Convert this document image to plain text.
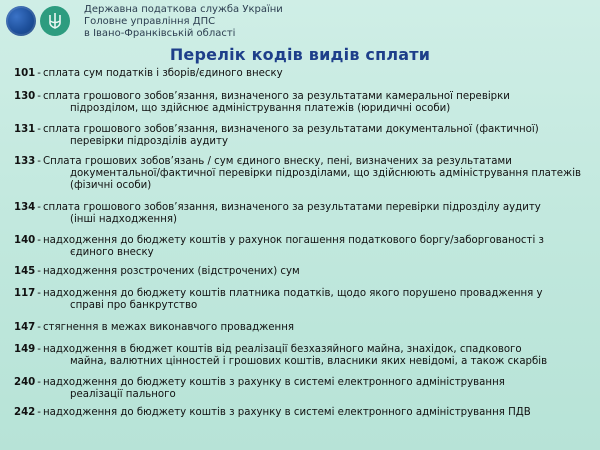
Державна податкова служба України
Головне управління ДПС
в Івано-Франківській області
Перелік кодів видів сплати
101 - сплата сум податків і зборів/єдиного внеску
130 - сплата грошового зобов’язання, визначеного за результатами камеральної перевірки
підрозділом, що здійснює адміністрування платежів (юридичні особи)
131 - сплата грошового зобов’язання, визначеного за результатами документальної (фактичної)
перевірки підрозділів аудиту
133 - Сплата грошових зобов’язань / сум єдиного внеску, пені, визначених за результатами
документальної/фактичної перевірки підрозділами, що здійснюють адміністрування платежів
(фізичні особи)
134 - сплата грошового зобов’язання, визначеного за результатами перевірки підрозділу аудиту
(інші надходження)
140 - надходження до бюджету коштів у рахунок погашення податкового боргу/заборгованості з
єдиного внеску
145 - надходження розстрочених (відстрочених) сум
117 - надходження до бюджету коштів платника податків, щодо якого порушено провадження у
справі про банкрутство
147 - стягнення в межах виконавчого провадження
149 - надходження в бюджет коштів від реалізації безхазяйного майна, знахідок, спадкового
майна, валютних цінностей і грошових коштів, власники яких невідомі, а також скарбів
240 - надходження до бюджету коштів з рахунку в системі електронного адміністрування
реалізації пального
242 - надходження до бюджету коштів з рахунку в системі електронного адміністрування ПДВ
